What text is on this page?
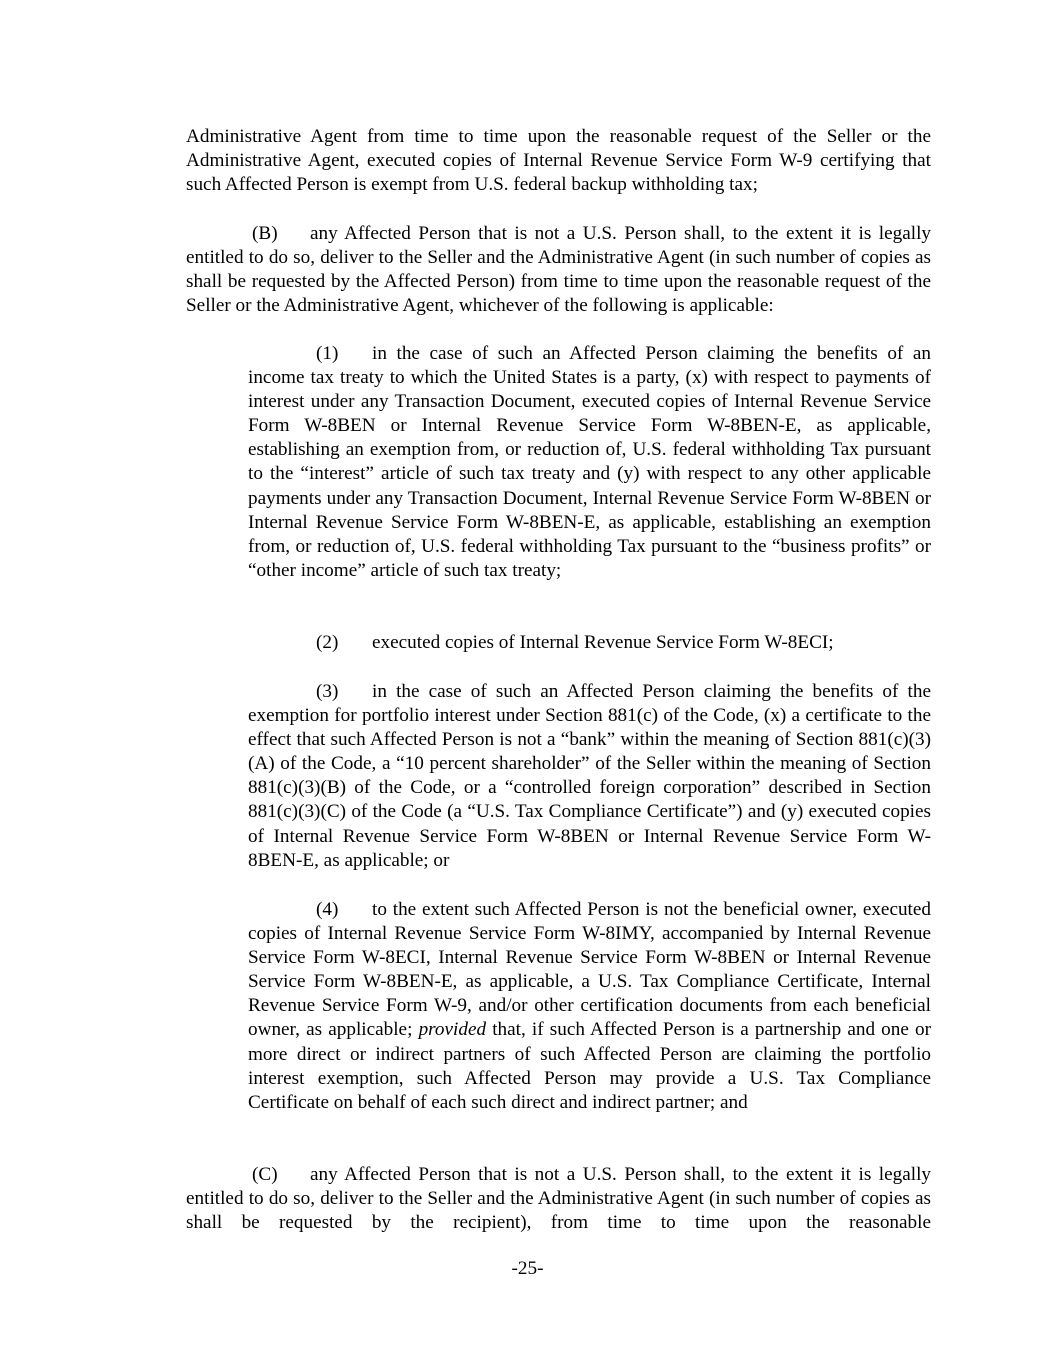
Administrative Agent from time to time upon the reasonable request of the Seller or the Administrative Agent, executed copies of Internal Revenue Service Form W-9 certifying that such Affected Person is exempt from U.S. federal backup withholding tax;

(B) any Affected Person that is not a U.S. Person shall, to the extent it is legally entitled to do so, deliver to the Seller and the Administrative Agent (in such number of copies as shall be requested by the Affected Person) from time to time upon the reasonable request of the Seller or the Administrative Agent, whichever of the following is applicable:

(1) in the case of such an Affected Person claiming the benefits of an income tax treaty to which the United States is a party, (x) with respect to payments of interest under any Transaction Document, executed copies of Internal Revenue Service Form W-8BEN or Internal Revenue Service Form W-8BEN-E, as applicable, establishing an exemption from, or reduction of, U.S. federal withholding Tax pursuant to the “interest” article of such tax treaty and (y) with respect to any other applicable payments under any Transaction Document, Internal Revenue Service Form W-8BEN or Internal Revenue Service Form W-8BEN-E, as applicable, establishing an exemption from, or reduction of, U.S. federal withholding Tax pursuant to the “business profits” or “other income” article of such tax treaty;

(2) executed copies of Internal Revenue Service Form W-8ECI;

(3) in the case of such an Affected Person claiming the benefits of the exemption for portfolio interest under Section 881(c) of the Code, (x) a certificate to the effect that such Affected Person is not a “bank” within the meaning of Section 881(c)(3)(A) of the Code, a “10 percent shareholder” of the Seller within the meaning of Section 881(c)(3)(B) of the Code, or a “controlled foreign corporation” described in Section 881(c)(3)(C) of the Code (a “U.S. Tax Compliance Certificate”) and (y) executed copies of Internal Revenue Service Form W-8BEN or Internal Revenue Service Form W-8BEN-E, as applicable; or

(4) to the extent such Affected Person is not the beneficial owner, executed copies of Internal Revenue Service Form W-8IMY, accompanied by Internal Revenue Service Form W-8ECI, Internal Revenue Service Form W-8BEN or Internal Revenue Service Form W-8BEN-E, as applicable, a U.S. Tax Compliance Certificate, Internal Revenue Service Form W-9, and/or other certification documents from each beneficial owner, as applicable; provided that, if such Affected Person is a partnership and one or more direct or indirect partners of such Affected Person are claiming the portfolio interest exemption, such Affected Person may provide a U.S. Tax Compliance Certificate on behalf of each such direct and indirect partner; and

(C) any Affected Person that is not a U.S. Person shall, to the extent it is legally entitled to do so, deliver to the Seller and the Administrative Agent (in such number of copies as shall be requested by the recipient), from time to time upon the reasonable

-25-
